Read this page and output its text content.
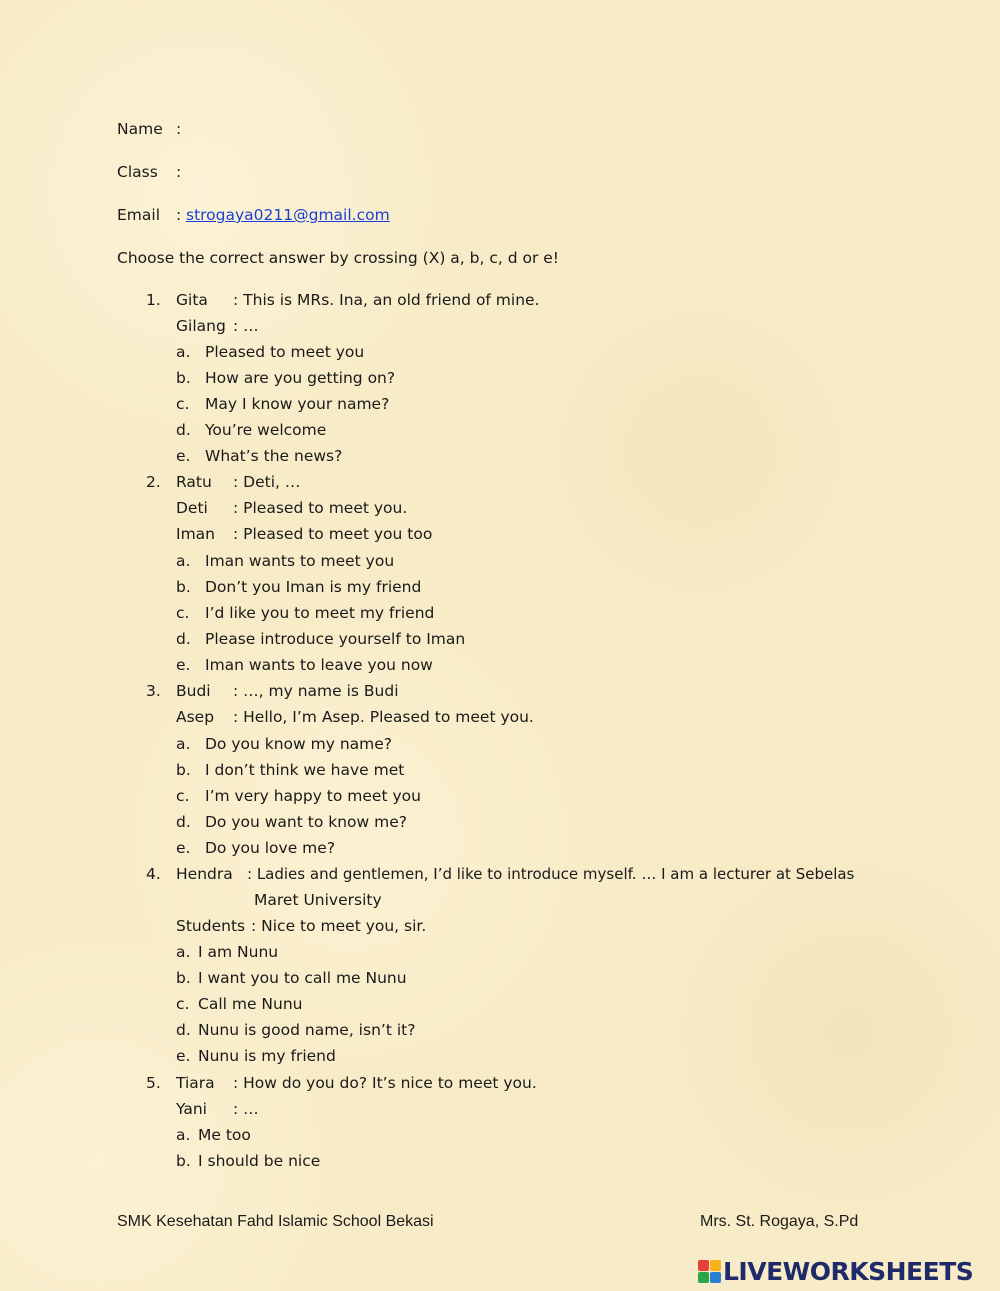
Name :
Class :
Email : strogaya0211@gmail.com
Choose the correct answer by crossing (X) a, b, c, d or e!
1. Gita : This is MRs. Ina, an old friend of mine.
Gilang : …
a. Pleased to meet you
b. How are you getting on?
c. May I know your name?
d. You’re welcome
e. What’s the news?
2. Ratu : Deti, …
Deti : Pleased to meet you.
Iman : Pleased to meet you too
a. Iman wants to meet you
b. Don’t you Iman is my friend
c. I’d like you to meet my friend
d. Please introduce yourself to Iman
e. Iman wants to leave you now
3. Budi : …, my name is Budi
Asep : Hello, I’m Asep. Pleased to meet you.
a. Do you know my name?
b. I don’t think we have met
c. I’m very happy to meet you
d. Do you want to know me?
e. Do you love me?
4. Hendra : Ladies and gentlemen, I’d like to introduce myself. … I am a lecturer at Sebelas
Maret University
Students : Nice to meet you, sir.
a. I am Nunu
b. I want you to call me Nunu
c. Call me Nunu
d. Nunu is good name, isn’t it?
e. Nunu is my friend
5. Tiara : How do you do? It’s nice to meet you.
Yani : …
a. Me too
b. I should be nice
SMK Kesehatan Fahd Islamic School Bekasi	Mrs. St. Rogaya, S.Pd
LIVEWORKSHEETS
